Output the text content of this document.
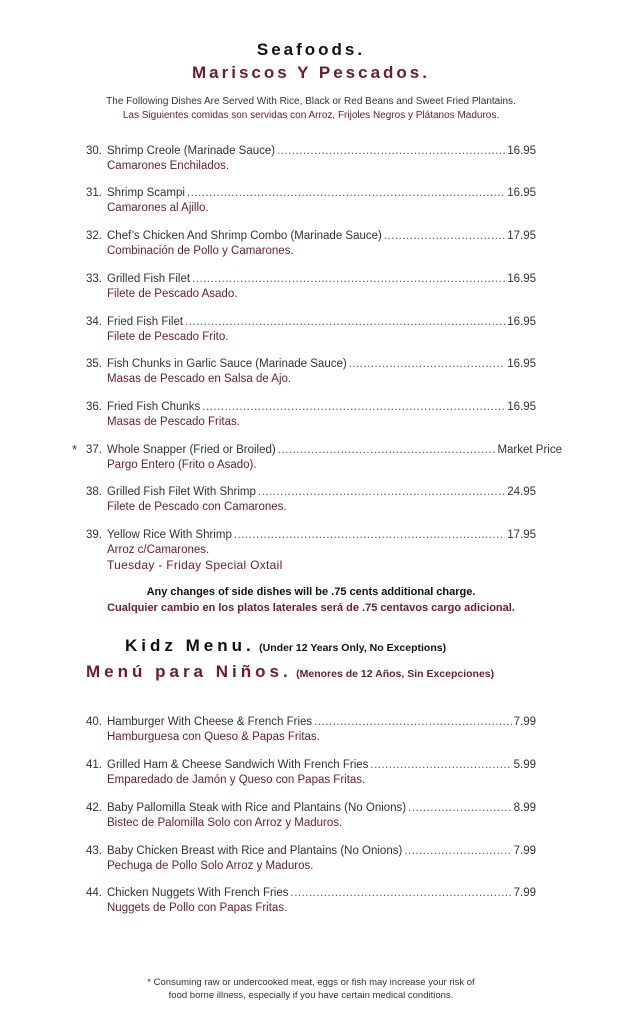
Seafoods.
Mariscos Y Pescados.
The Following Dishes Are Served With Rice, Black or Red Beans and Sweet Fried Plantains.
Las Siguientes comidas son servidas con Arroz, Frijoles Negros y Plátanos Maduros.
30. Shrimp Creole (Marinade Sauce) .....	16.95
Camarones Enchilados.
31. Shrimp Scampi .....	16.95
Camarones al Ajillo.
32. Chef’s Chicken And Shrimp Combo (Marinade Sauce) .....	17.95
Combinación de Pollo y Camarones.
33. Grilled Fish Filet .....	16.95
Filete de Pescado Asado.
34. Fried Fish Filet .....	16.95
Filete de Pescado Frito.
35. Fish Chunks in Garlic Sauce (Marinade Sauce) .....	16.95
Masas de Pescado en Salsa de Ajo.
36. Fried Fish Chunks .....	16.95
Masas de Pescado Fritas.
* 37. Whole Snapper (Fried or Broiled) .....	Market Price
Pargo Entero (Frito o Asado).
38. Grilled Fish Filet With Shrimp .....	24.95
Filete de Pescado con Camarones.
39. Yellow Rice With Shrimp .....	17.95
Arroz c/Camarones.
Tuesday - Friday Special Oxtail
Any changes of side dishes will be .75 cents additional charge.
Cualquier cambio en los platos laterales será de .75 centavos cargo adicional.
Kidz Menu. (Under 12 Years Only, No Exceptions)
Menú para Niños. (Menores de 12 Años, Sin Excepciones)
40. Hamburger With Cheese & French Fries .....	7.99
Hamburguesa con Queso & Papas Fritas.
41. Grilled Ham & Cheese Sandwich With French Fries .....	5.99
Emparedado de Jamón y Queso con Papas Fritas.
42. Baby Pallomilla Steak with Rice and Plantains (No Onions) .....	8.99
Bistec de Palomilla Solo con Arroz y Maduros.
43. Baby Chicken Breast with Rice and Plantains (No Onions) .....	7.99
Pechuga de Pollo Solo Arroz y Maduros.
44. Chicken Nuggets With French Fries .....	7.99
Nuggets de Pollo con Papas Fritas.
* Consuming raw or undercooked meat, eggs or fish may increase your risk of
food borne illness, especially if you have certain medical conditions.
